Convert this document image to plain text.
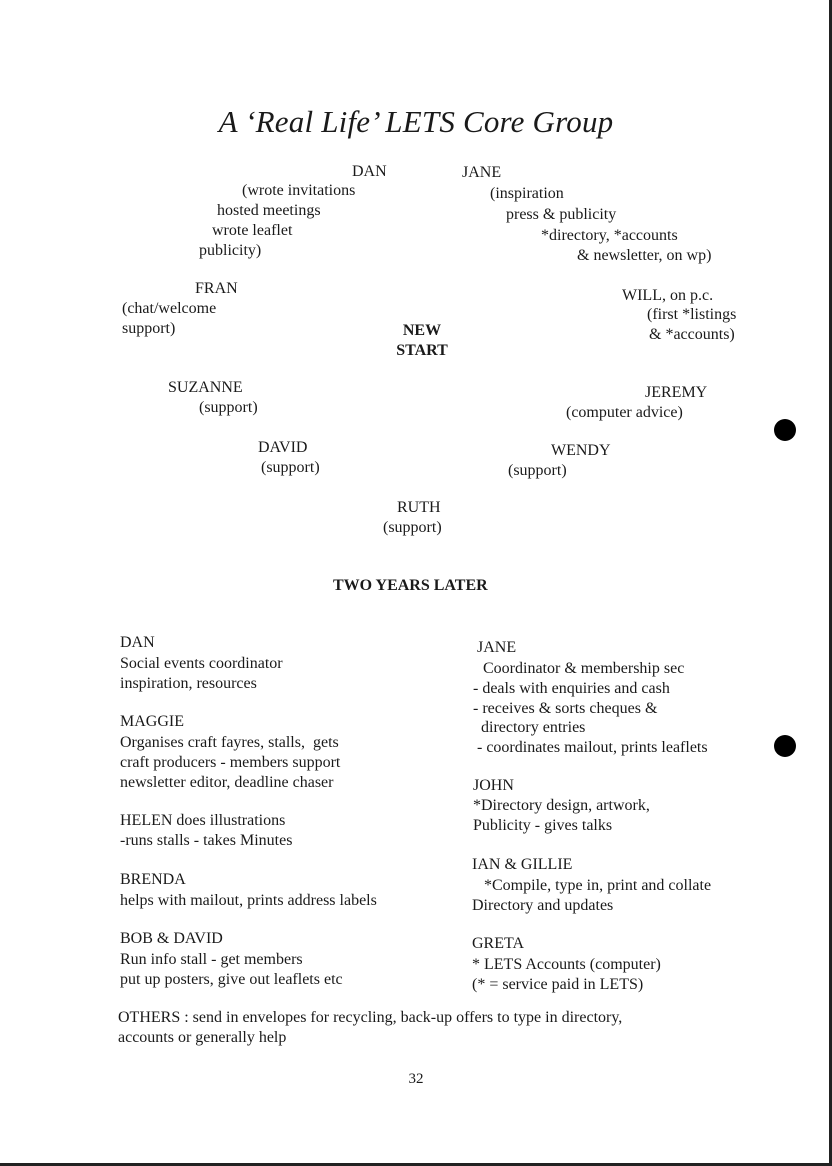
A ‘Real Life’ LETS Core Group
DAN
(wrote invitations
hosted meetings
wrote leaflet
publicity)
JANE
(inspiration
press & publicity
*directory, *accounts
& newsletter, on wp)
FRAN
(chat/welcome
support)
WILL, on p.c.
(first *listings
& *accounts)
NEW
START
SUZANNE
(support)
JEREMY
(computer advice)
DAVID
(support)
WENDY
(support)
RUTH
(support)
TWO YEARS LATER
DAN
Social events coordinator
inspiration, resources
MAGGIE
Organises craft fayres, stalls,  gets
craft producers - members support
newsletter editor, deadline chaser
HELEN does illustrations
-runs stalls - takes Minutes
BRENDA
helps with mailout, prints address labels
BOB & DAVID
Run info stall - get members
put up posters, give out leaflets etc
JANE
Coordinator & membership sec
- deals with enquiries and cash
- receives & sorts cheques &
directory entries
- coordinates mailout, prints leaflets
JOHN
*Directory design, artwork,
Publicity - gives talks
IAN & GILLIE
*Compile, type in, print and collate
Directory and updates
GRETA
* LETS Accounts (computer)
(* = service paid in LETS)
OTHERS : send in envelopes for recycling, back-up offers to type in directory,
accounts or generally help
32
